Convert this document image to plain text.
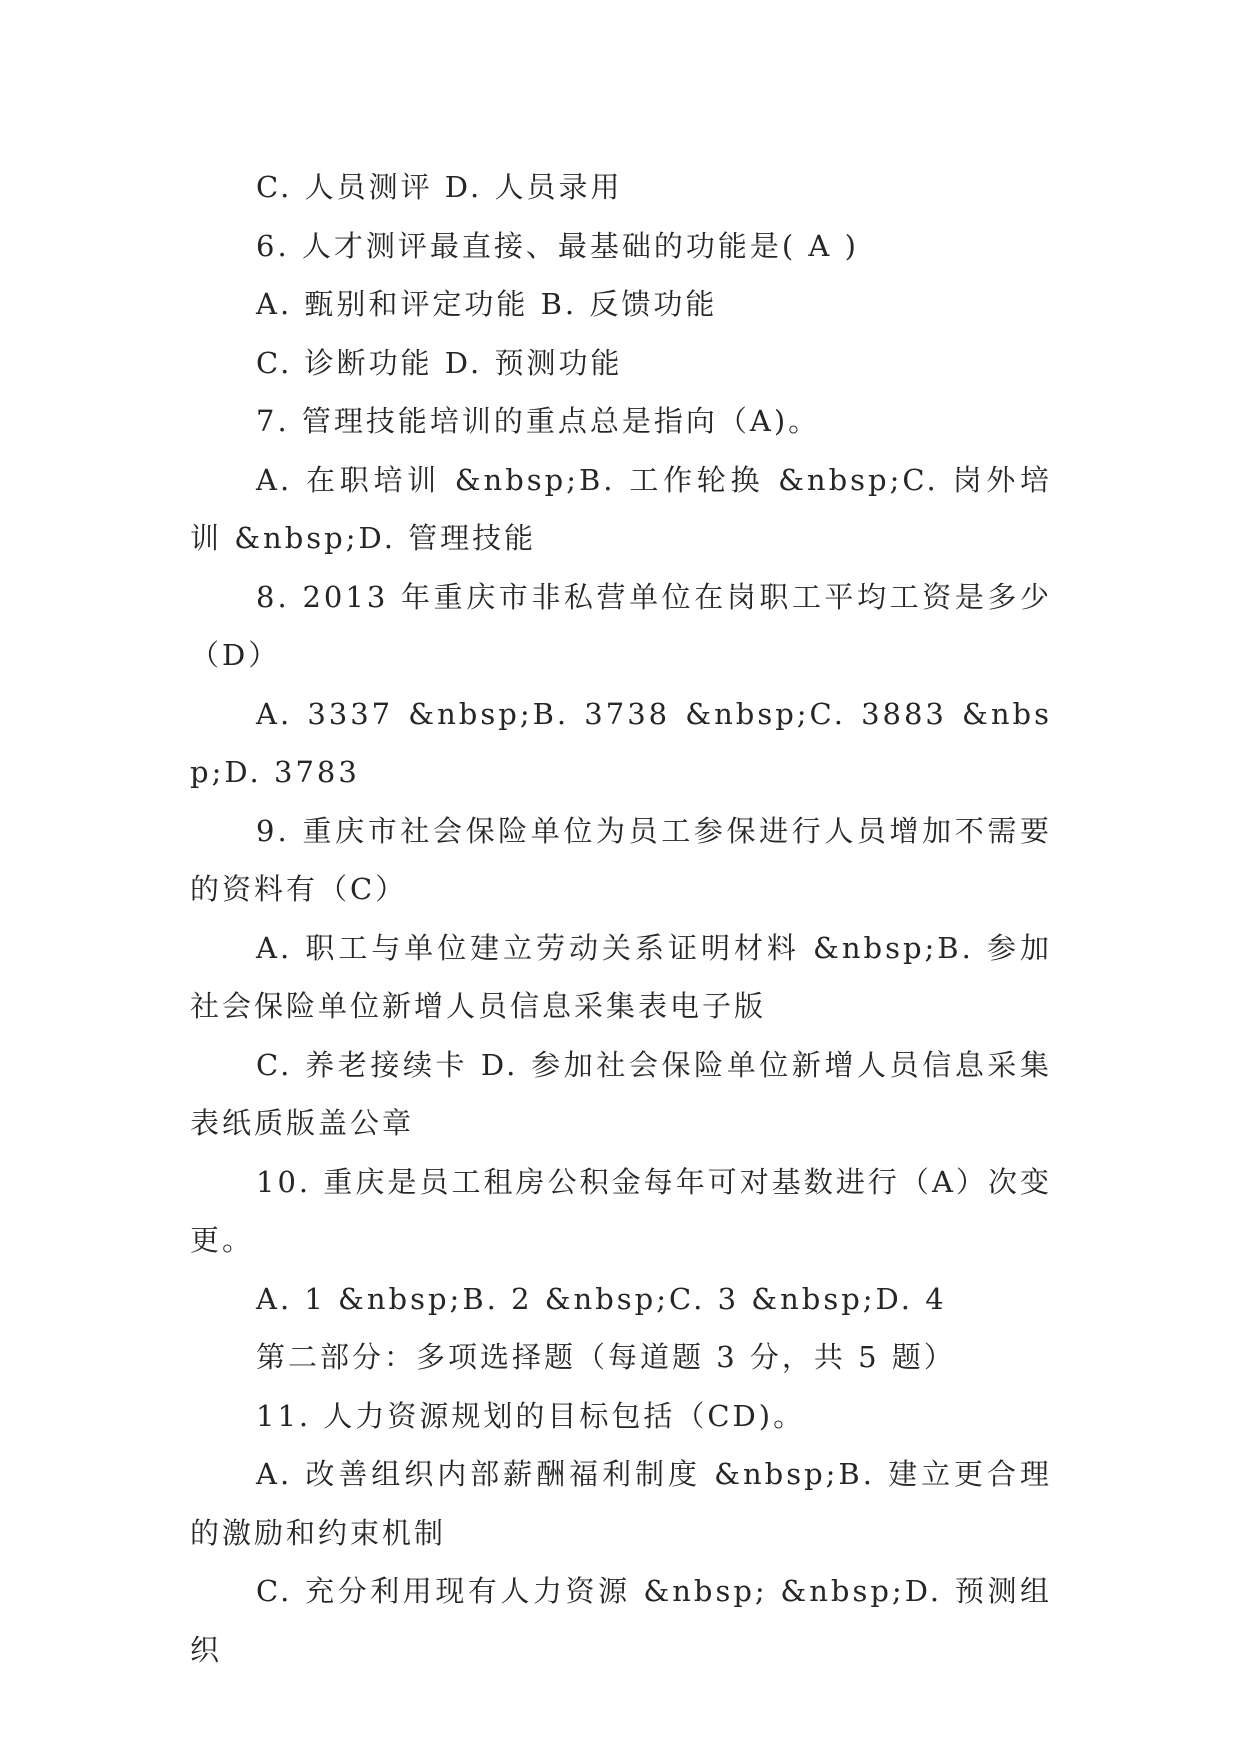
C. 人员测评 D. 人员录用

6. 人才测评最直接、最基础的功能是( A )

A. 甄别和评定功能 B. 反馈功能

C. 诊断功能 D. 预测功能

7. 管理技能培训的重点总是指向（A)。

A. 在职培训 &nbsp;B. 工作轮换 &nbsp;C. 岗外培训 &nbsp;D. 管理技能

8. 2013 年重庆市非私营单位在岗职工平均工资是多少（D）

A. 3337 &nbsp;B. 3738 &nbsp;C. 3883 &nbsp;D. 3783

9. 重庆市社会保险单位为员工参保进行人员增加不需要的资料有（C）

A. 职工与单位建立劳动关系证明材料 &nbsp;B. 参加社会保险单位新增人员信息采集表电子版

C. 养老接续卡 D. 参加社会保险单位新增人员信息采集表纸质版盖公章

10. 重庆是员工租房公积金每年可对基数进行（A）次变更。

A. 1 &nbsp;B. 2 &nbsp;C. 3 &nbsp;D. 4

第二部分：多项选择题（每道题 3 分，共 5 题）

11. 人力资源规划的目标包括（CD)。

A. 改善组织内部薪酬福利制度 &nbsp;B. 建立更合理的激励和约束机制

C. 充分利用现有人力资源 &nbsp; &nbsp;D. 预测组织
